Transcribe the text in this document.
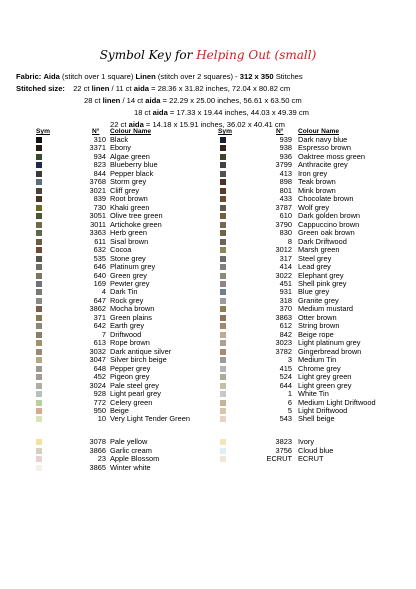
Symbol Key for Helping Out (small)
Fabric: Aida (stitch over 1 square) Linen (stitch over 2 squares) - 312 x 350 Stitches
Stitched size: 22 ct linen / 11 ct aida = 28.36 x 31.82 inches, 72.04 x 80.82 cm
28 ct linen / 14 ct aida = 22.29 x 25.00 inches, 56.61 x 63.50 cm
18 ct aida = 17.33 x 19.44 inches, 44.03 x 49.39 cm
22 ct aida = 14.18 x 15.91 inches, 36.02 x 40.41 cm
Sym	N° Colour Name	Sym	N° Colour Name
310 Black
3371 Ebony
934 Algae green
823 Blueberry blue
844 Pepper black
3768 Storm grey
3021 Cliff grey
839 Root brown
730 Khaki green
3051 Olive tree green
3011 Artichoke green
3363 Herb green
611 Sisal brown
632 Cocoa
535 Stone grey
646 Platinum grey
640 Green grey
169 Pewter grey
4 Dark Tin
647 Rock grey
3862 Mocha brown
371 Green plains
642 Earth grey
7 Driftwood
613 Rope brown
3032 Dark antique silver
3047 Silver birch beige
648 Pepper grey
452 Pigeon grey
3024 Pale steel grey
928 Light pearl grey
772 Celery green
950 Beige
10 Very Light Tender Green
3078 Pale yellow
3866 Garlic cream
23 Apple Blossom
3865 Winter white
939 Dark navy blue
938 Espresso brown
936 Oaktree moss green
3799 Anthracite grey
413 Iron grey
898 Teak brown
801 Mink brown
433 Chocolate brown
3787 Wolf grey
610 Dark golden brown
3790 Cappuccino brown
830 Green oak brown
8 Dark Driftwood
3012 Marsh green
317 Steel grey
414 Lead grey
3022 Elephant grey
451 Shell pink grey
931 Blue grey
318 Granite grey
370 Medium mustard
3863 Otter brown
612 String brown
842 Beige rope
3023 Light platinum grey
3782 Gingerbread brown
3 Medium Tin
415 Chrome grey
524 Light grey green
644 Light green grey
1 White Tin
6 Medium Light Driftwood
5 Light Driftwood
543 Shell beige
3823 Ivory
3756 Cloud blue
ECRUT ECRUT
